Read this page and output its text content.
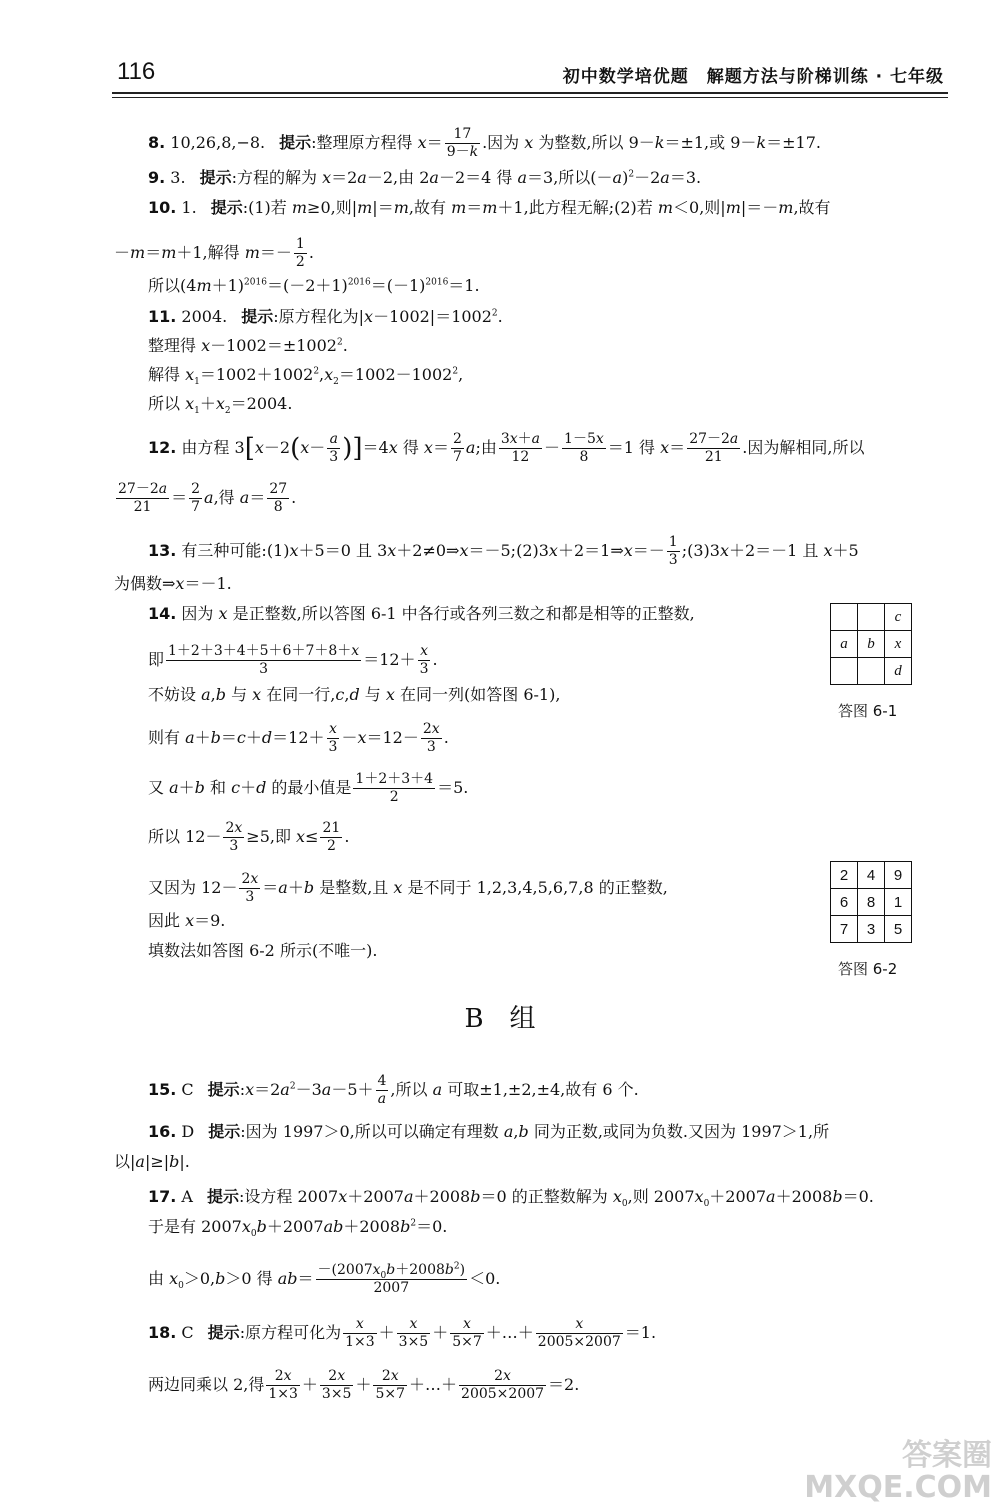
116	初中数学培优题　解题方法与阶梯训练 · 七年级
8. 10,26,8,−8. 提示:整理原方程得 $x= \frac{17}{9-k}$ .因为 x 为整数,所以 9－k＝±1,或 9－k＝±17.
9. 3. 提示:方程的解为 x＝2a－2,由 2a－2＝4 得 a＝3,所以$(-a)^2-2a=3$.
10. 1. 提示:(1)若 m≥0,则|m|＝m,故有 m＝m＋1,此方程无解;(2)若 m＜0,则|m|＝－m,故有
－m＝m＋1,解得 $m=- \frac{1}{2}$ .
所以$(4m+1)^{2016}=(-2+1)^{2016}=(-1)^{2016}=1$.
11. 2004. 提示:原方程化为$|x-1002|=1002^2$.
整理得 $x-1002=\pm 1002^2$.
解得 $x_1=1002+1002^2,x_2=1002-1002^2$,
所以 $x_1+x_2=2004$.
12. 由方程 $3[x-2(x- \frac{a}{3} )]=4x$ 得 $x= \frac{2}{7} a$;由 $\frac{3x+a}{12} - \frac{1-5x}{8} =1$ 得 $x= \frac{27-2a}{21}$ .因为解相同,所以
$\frac{27-2a}{21} = \frac{2}{7} a$,得 $a= \frac{27}{8}$ .
13. 有三种可能:(1)x＋5＝0 且 3x＋2≠0⇒x＝－5;(2)3x＋2＝1⇒x＝－ $\frac{1}{3}$ ;(3)3x＋2＝－1 且 x＋5
为偶数⇒x＝－1.
14. 因为 x 是正整数,所以答图 6-1 中各行或各列三数之和都是相等的正整数,
即 $\frac{1+2+3+4+5+6+7+8+x}{3} =12+ \frac{x}{3}$ .
不妨设 a,b 与 x 在同一行,c,d 与 x 在同一列(如答图 6-1),
则有 $a+b=c+d=12+ \frac{x}{3} -x=12- \frac{2x}{3}$ .
又 a＋b 和 c＋d 的最小值是 $\frac{1+2+3+4}{2} =5$.
所以 $12- \frac{2x}{3} \ge 5$,即 $x\le \frac{21}{2}$ .
又因为 $12- \frac{2x}{3} =a+b$ 是整数,且 x 是不同于 1,2,3,4,5,6,7,8 的正整数,
因此 x＝9.
填数法如答图 6-2 所示(不唯一).
		c
a	b	x
		d
答图 6-1
2	4	9
6	8	1
7	3	5
答图 6-2
B　组
15. C 提示$:x=2a^2-3a-5+ \frac{4}{a}$ ,所以 a 可取±1,±2,±4,故有 6 个.
16. D 提示:因为 1997＞0,所以可以确定有理数 a,b 同为正数,或同为负数.又因为 1997＞1,所
以|a|≥|b|.
17. A 提示:设方程 2007x＋2007a＋2008b＝0 的正整数解为 $x_0$,则 $2007x_0+2007a+2008b=0$.
于是有 $2007x_0b+2007ab+2008b^2=0$.
由 $x_0>0,b>0$ 得 $ab= \frac{-(2007x_0b+2008b^2)}{2007} <0$.
18. C 提示:原方程可化为 $\frac{x}{1\times 3} + \frac{x}{3\times 5} + \frac{x}{5\times 7}$ ＋…＋ $\frac{x}{2005\times 2007} =1$.
两边同乘以 2,得 $\frac{2x}{1\times 3} + \frac{2x}{3\times 5} + \frac{2x}{5\times 7}$ ＋…＋ $\frac{2x}{2005\times 2007} =2$.
答案圈
MXQE.COM
